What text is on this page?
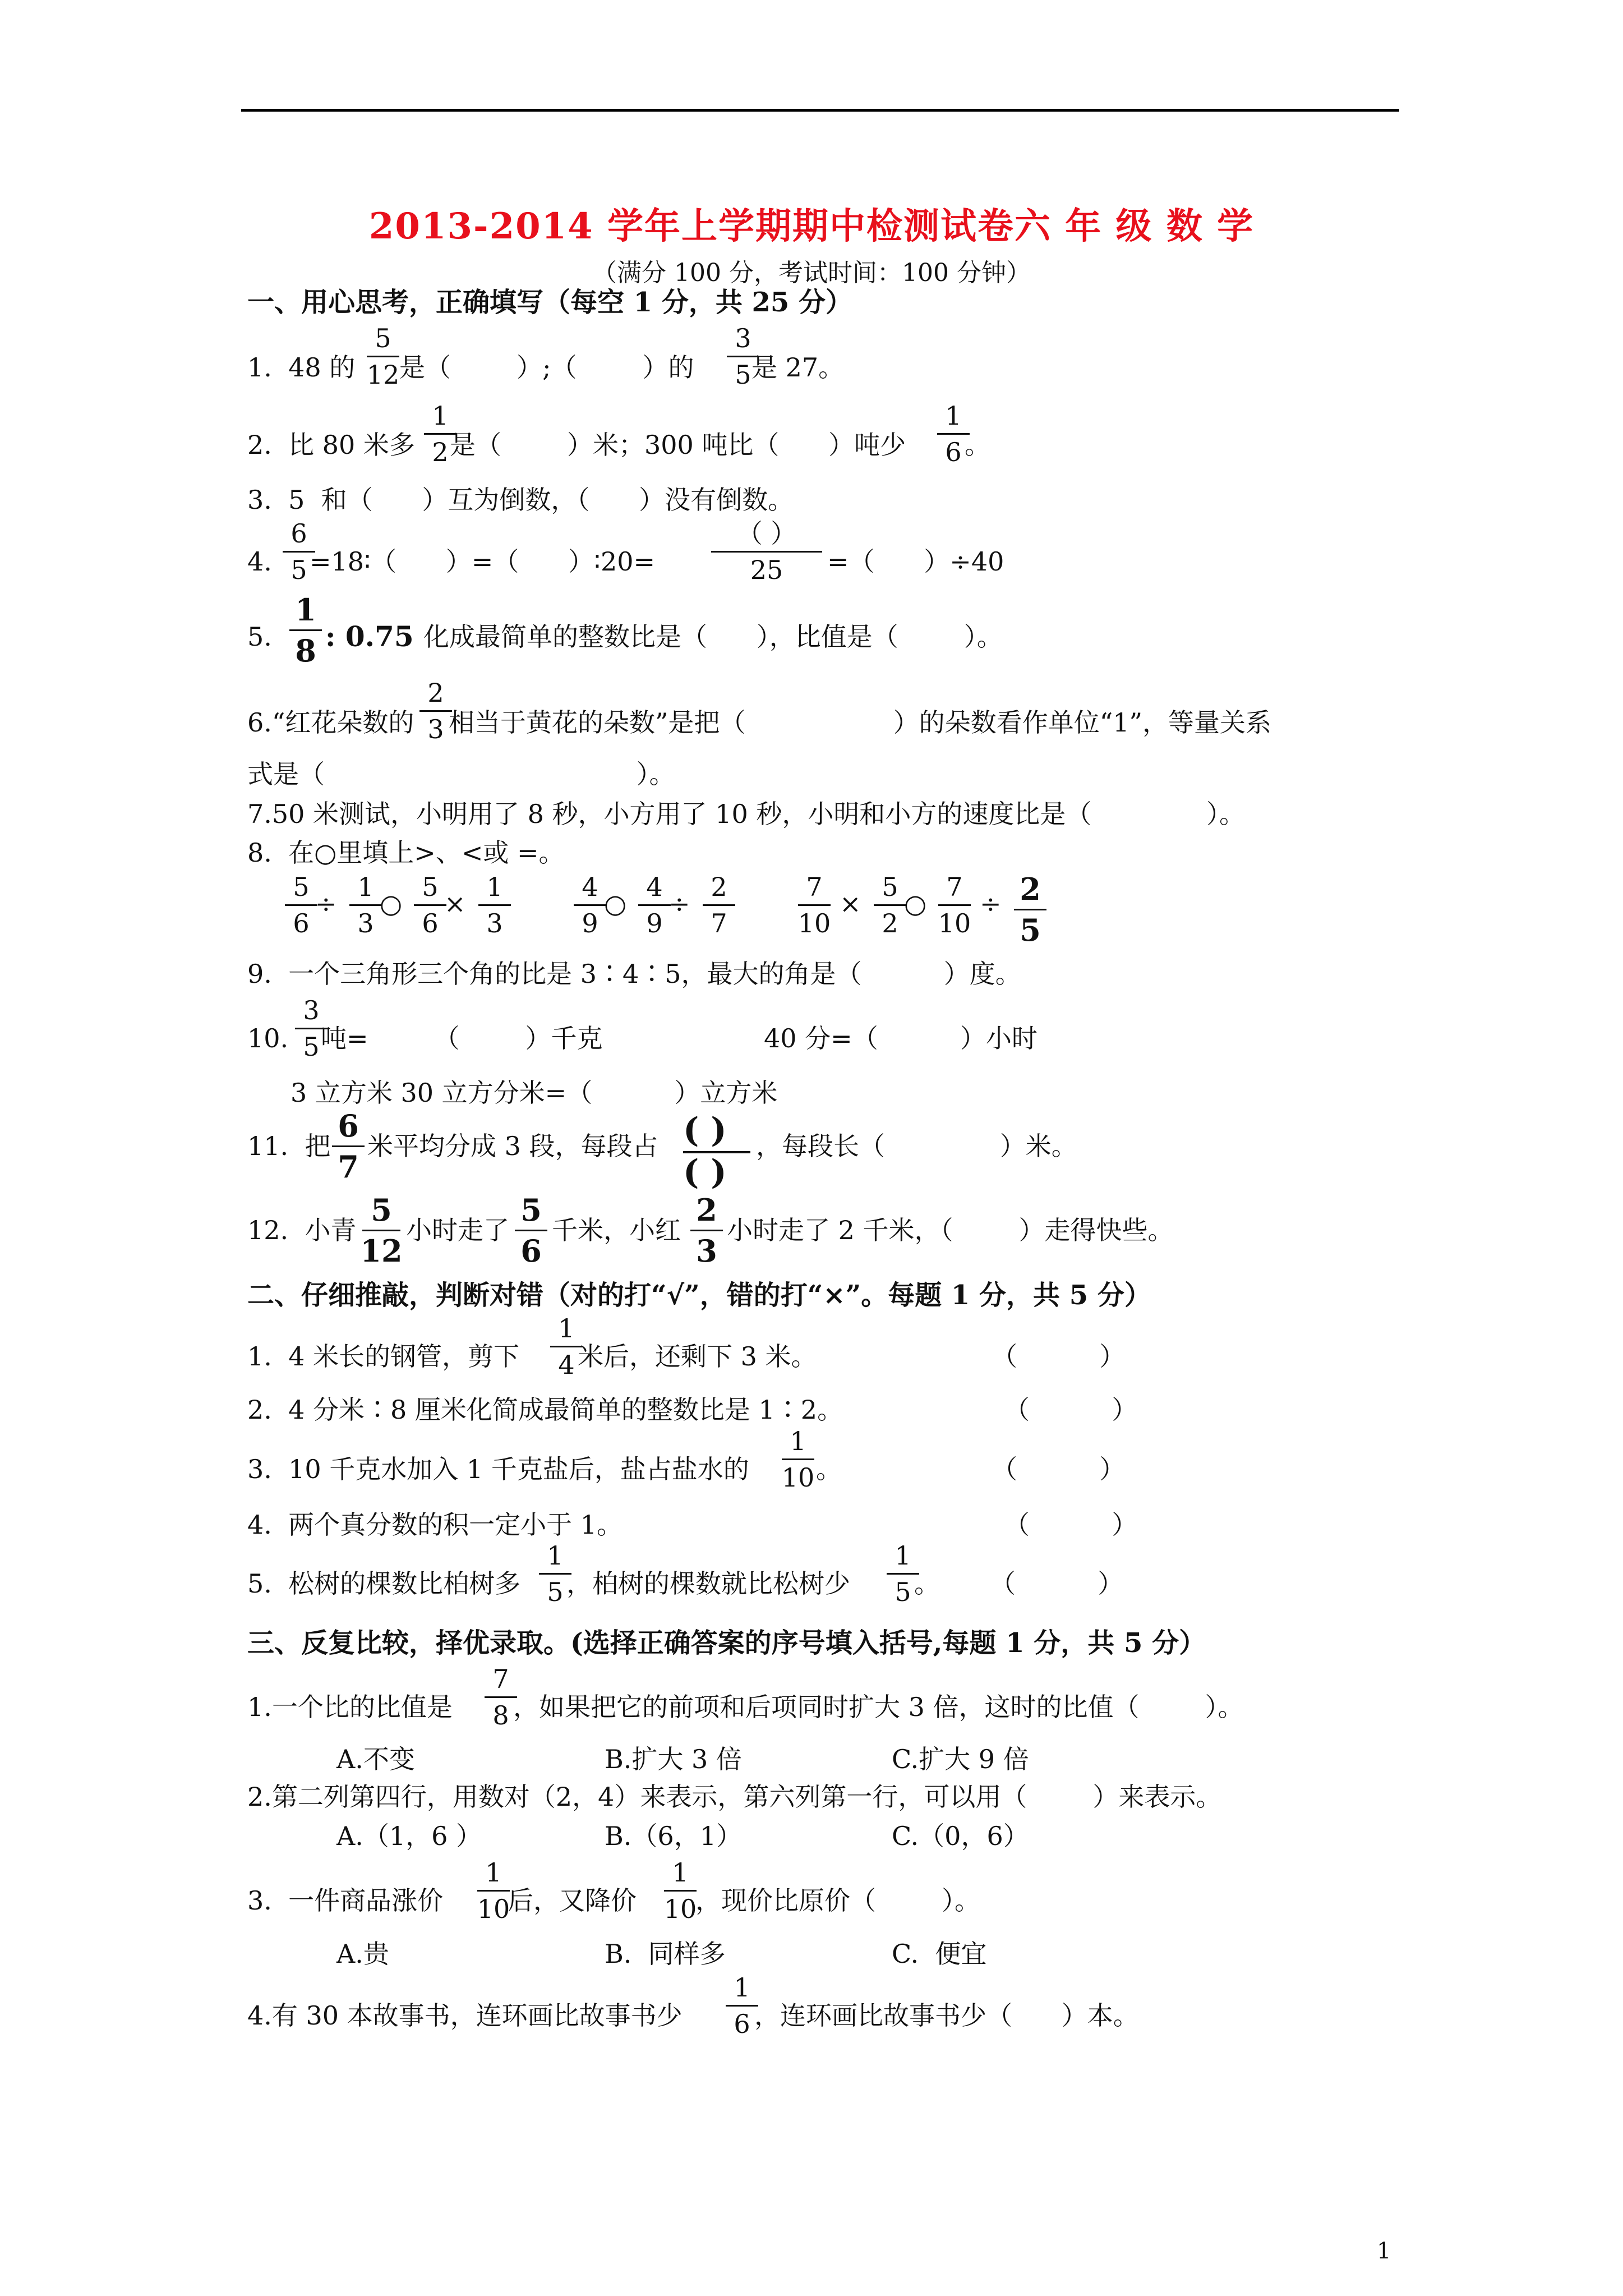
2013-2014 学年上学期期中检测试卷六 年 级 数 学
（满分 100 分，考试时间：100 分钟）
一、用心思考，正确填写（每空 1 分，共 25 分）
1.  48 的
5
12 是（        ）;（        ）的
3
5 是 27。
2.  比 80 米多
1
2 是（        ）米；300 吨比（      ）吨少
1
6 。
3.  5  和（      ）互为倒数，（      ）没有倒数。
4.
6
5 =18∶（      ）=（      ）∶20=
（ ）
25	=（      ）÷40
5.
1
8 : 0.75 化成最简单的整数比是（      ），比值是（        ）。
6.“红花朵数的
2
3 相当于黄花的朵数”是把（                  ）的朵数看作单位“1”，等量关系
式是（                                      ）。
7.50 米测试，小明用了 8 秒，小方用了 10 秒，小明和小方的速度比是（              ）。
8.  在○里填上>、<或 =。
5
6
÷
1
3
○
5
6
×
1
3
4
9
○
4
9
÷
2
7
7
10
×
5
2
○
7
10
÷ 2
5
9.  一个三角形三个角的比是 3∶4∶5，最大的角是（          ）度。
10.
3
5 吨=        （        ）千克	40 分=（          ）小时
3 立方米 30 立方分米=（          ）立方米
11.  把
6
7
米平均分成 3 段，每段占 ( )
( )
，每段长（              ）米。
12.  小青
5
12
小时走了
5
6
千米，小红
2
3
小时走了 2 千米，（        ）走得快些。
二、仔细推敲，判断对错（对的打“√”，错的打“×”。每题 1 分，共 5 分）
1.  4 米长的钢管，剪下
1
4 米后，还剩下 3 米。	（          ）
2.  4 分米∶8 厘米化简成最简单的整数比是 1∶2。	（          ）
3.  10 千克水加入 1 千克盐后，盐占盐水的
1
10 。	（          ）
4.  两个真分数的积一定小于 1。	（          ）
5.  松树的棵数比柏树多
1
5 ，柏树的棵数就比松树少
1
5 。 （          ）
三、反复比较，择优录取。(选择正确答案的序号填入括号,每题 1 分，共 5 分）
1.一个比的比值是
7
8 ，如果把它的前项和后项同时扩大 3 倍，这时的比值（        ）。
A.不变	B.扩大 3 倍	C.扩大 9 倍
2.第二列第四行，用数对（2，4）来表示，第六列第一行，可以用（        ）来表示。
A.（1，6 ）	B.（6，1）	C.（0，6）
3.  一件商品涨价
1
10
后，又降价
1
10
，现价比原价（        ）。
A.贵	B.  同样多	C.  便宜
4.有 30 本故事书，连环画比故事书少
1
6 ，连环画比故事书少（      ）本。
1
